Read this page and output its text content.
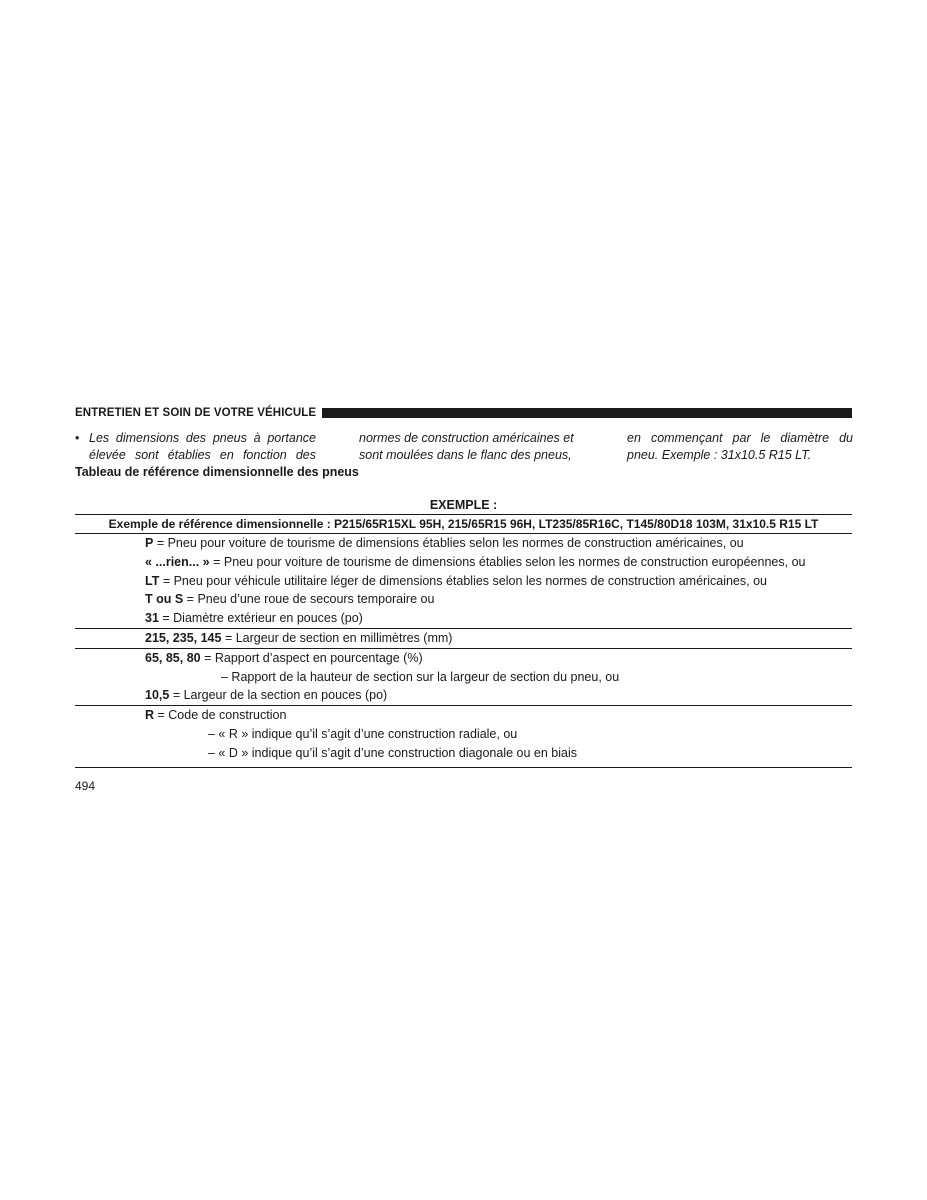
ENTRETIEN ET SOIN DE VOTRE VÉHICULE
• Les dimensions des pneus à portance
élevée sont établies en fonction des
normes de construction américaines et
sont moulées dans le flanc des pneus,
en commençant par le diamètre du
pneu. Exemple : 31x10.5 R15 LT.
Tableau de référence dimensionnelle des pneus
EXEMPLE :
Exemple de référence dimensionnelle : P215/65R15XL 95H, 215/65R15 96H, LT235/85R16C, T145/80D18 103M, 31x10.5 R15 LT
P = Pneu pour voiture de tourisme de dimensions établies selon les normes de construction américaines, ou
« ...rien... » = Pneu pour voiture de tourisme de dimensions établies selon les normes de construction européennes, ou
LT = Pneu pour véhicule utilitaire léger de dimensions établies selon les normes de construction américaines, ou
T ou S = Pneu d’une roue de secours temporaire ou
31 = Diamètre extérieur en pouces (po)
215, 235, 145 = Largeur de section en millimètres (mm)
65, 85, 80 = Rapport d’aspect en pourcentage (%)
– Rapport de la hauteur de section sur la largeur de section du pneu, ou
10,5 = Largeur de la section en pouces (po)
R = Code de construction
– « R » indique qu’il s’agit d’une construction radiale, ou
– « D » indique qu’il s’agit d’une construction diagonale ou en biais
494
